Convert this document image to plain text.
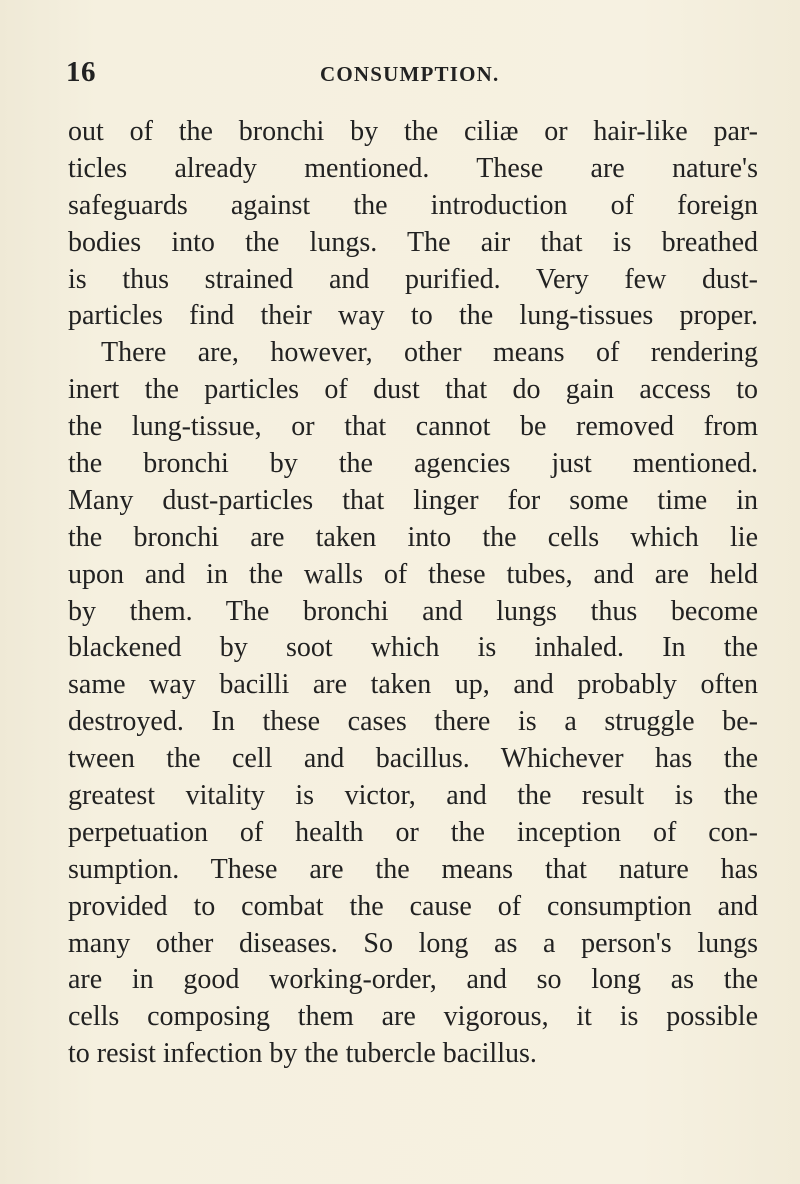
16	CONSUMPTION.
out of the bronchi by the ciliæ or hair-like par-
ticles already mentioned. These are nature's
safeguards against the introduction of foreign
bodies into the lungs. The air that is breathed
is thus strained and purified. Very few dust-
particles find their way to the lung-tissues proper.
There are, however, other means of rendering
inert the particles of dust that do gain access to
the lung-tissue, or that cannot be removed from
the bronchi by the agencies just mentioned.
Many dust-particles that linger for some time in
the bronchi are taken into the cells which lie
upon and in the walls of these tubes, and are held
by them. The bronchi and lungs thus become
blackened by soot which is inhaled. In the
same way bacilli are taken up, and probably often
destroyed. In these cases there is a struggle be-
tween the cell and bacillus. Whichever has the
greatest vitality is victor, and the result is the
perpetuation of health or the inception of con-
sumption. These are the means that nature has
provided to combat the cause of consumption and
many other diseases. So long as a person's lungs
are in good working-order, and so long as the
cells composing them are vigorous, it is possible
to resist infection by the tubercle bacillus.
